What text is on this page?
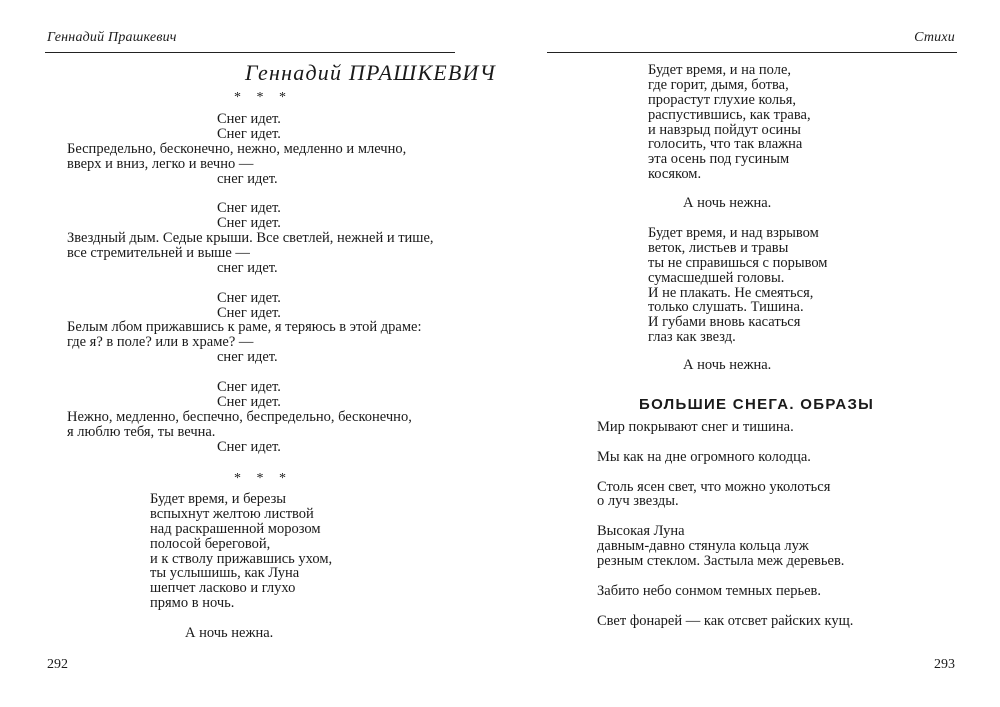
Геннадий Прашкевич
Геннадий ПРАШКЕВИЧ
* * *
Снег идет.
Снег идет.
Беспредельно, бесконечно, нежно, медленно и млечно,
вверх и вниз, легко и вечно —
снег идет.
Снег идет.
Снег идет.
Звездный дым. Седые крыши. Все светлей, нежней и тише,
все стремительней и выше —
снег идет.
Снег идет.
Снег идет.
Белым лбом прижавшись к раме, я теряюсь в этой драме:
где я? в поле? или в храме? —
снег идет.
Снег идет.
Снег идет.
Нежно, медленно, беспечно, беспредельно, бесконечно,
я люблю тебя, ты вечна.
Снег идет.
* * *
Будет время, и березы
вспыхнут желтою листвой
над раскрашенной морозом
полосой береговой,
и к стволу прижавшись ухом,
ты услышишь, как Луна
шепчет ласково и глухо
прямо в ночь.
А ночь нежна.
292
Стихи
Будет время, и на поле,
где горит, дымя, ботва,
прорастут глухие колья,
распустившись, как трава,
и навзрыд пойдут осины
голосить, что так влажна
эта осень под гусиным
косяком.
А ночь нежна.
Будет время, и над взрывом
веток, листьев и травы
ты не справишься с порывом
сумасшедшей головы.
И не плакать. Не смеяться,
только слушать. Тишина.
И губами вновь касаться
глаз как звезд.
А ночь нежна.
БОЛЬШИЕ СНЕГА. ОБРАЗЫ
Мир покрывают снег и тишина.
Мы как на дне огромного колодца.
Столь ясен свет, что можно уколоться
о луч звезды.
Высокая Луна
давным-давно стянула кольца луж
резным стеклом. Застыла меж деревьев.
Забито небо сонмом темных перьев.
Свет фонарей — как отсвет райских кущ.
293
